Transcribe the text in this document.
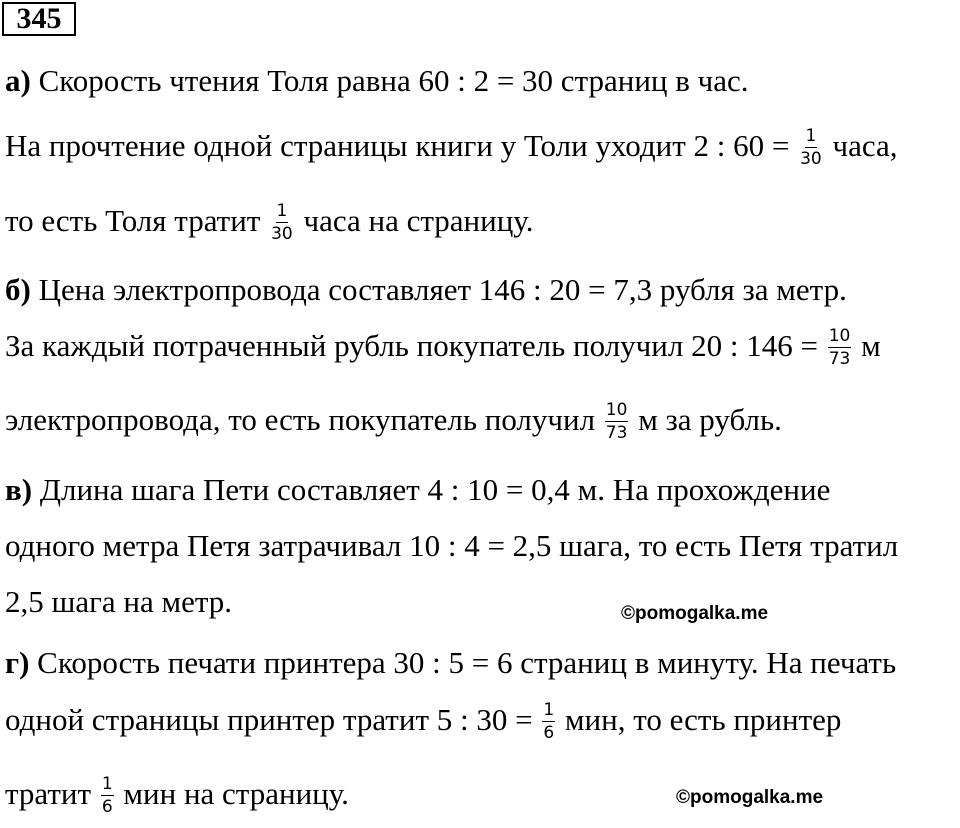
345
а) Скорость чтения Толя равна 60 : 2 = 30 страниц в час.
На прочтение одной страницы книги у Толи уходит 2 : $60 = \frac{1}{30}$ часа,
то есть Толя тратит $\frac{1}{30}$ часа на страницу.
б) Цена электропровода составляет 146 : 20 = 7,3 рубля за метр.
За каждый потраченный рубль покупатель получил 20 : $146 = \frac{10}{73}$ м
электропровода, то есть покупатель получил $\frac{10}{73}$ м за рубль.
в) Длина шага Пети составляет 4 : 10 = 0,4 м. На прохождение
одного метра Петя затрачивал 10 : 4 = 2,5 шага, то есть Петя тратил
2,5 шага на метр.	©pomogalka.me
г) Скорость печати принтера 30 : 5 = 6 страниц в минуту. На печать
одной страницы принтер тратит 5 : $30 = \frac{1}{6}$ мин, то есть принтер
тратит $\frac{1}{6}$ мин на страницу.	©pomogalka.me
